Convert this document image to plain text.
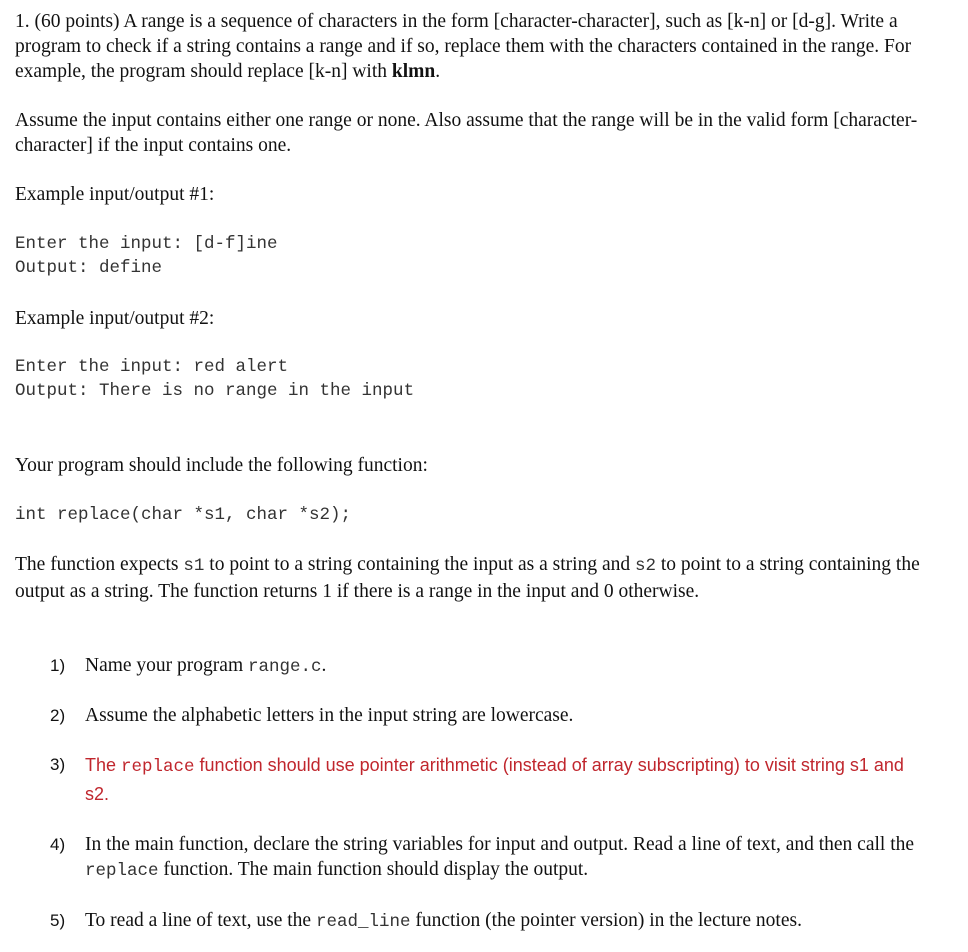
1. (60 points) A range is a sequence of characters in the form [character-character], such as [k-n] or [d-g]. Write a program to check if a string contains a range and if so, replace them with the characters contained in the range. For example, the program should replace [k-n] with klmn.

Assume the input contains either one range or none. Also assume that the range will be in the valid form [character-character] if the input contains one.

Example input/output #1:

Enter the input: [d-f]ine
Output: define

Example input/output #2:

Enter the input: red alert
Output: There is no range in the input

Your program should include the following function:

int replace(char *s1, char *s2);

The function expects s1 to point to a string containing the input as a string and s2 to point to a string containing the output as a string. The function returns 1 if there is a range in the input and 0 otherwise.

1) Name your program range.c.
2) Assume the alphabetic letters in the input string are lowercase.
3) The replace function should use pointer arithmetic (instead of array subscripting) to visit string s1 and s2.
4) In the main function, declare the string variables for input and output. Read a line of text, and then call the replace function. The main function should display the output.
5) To read a line of text, use the read_line function (the pointer version) in the lecture notes.
